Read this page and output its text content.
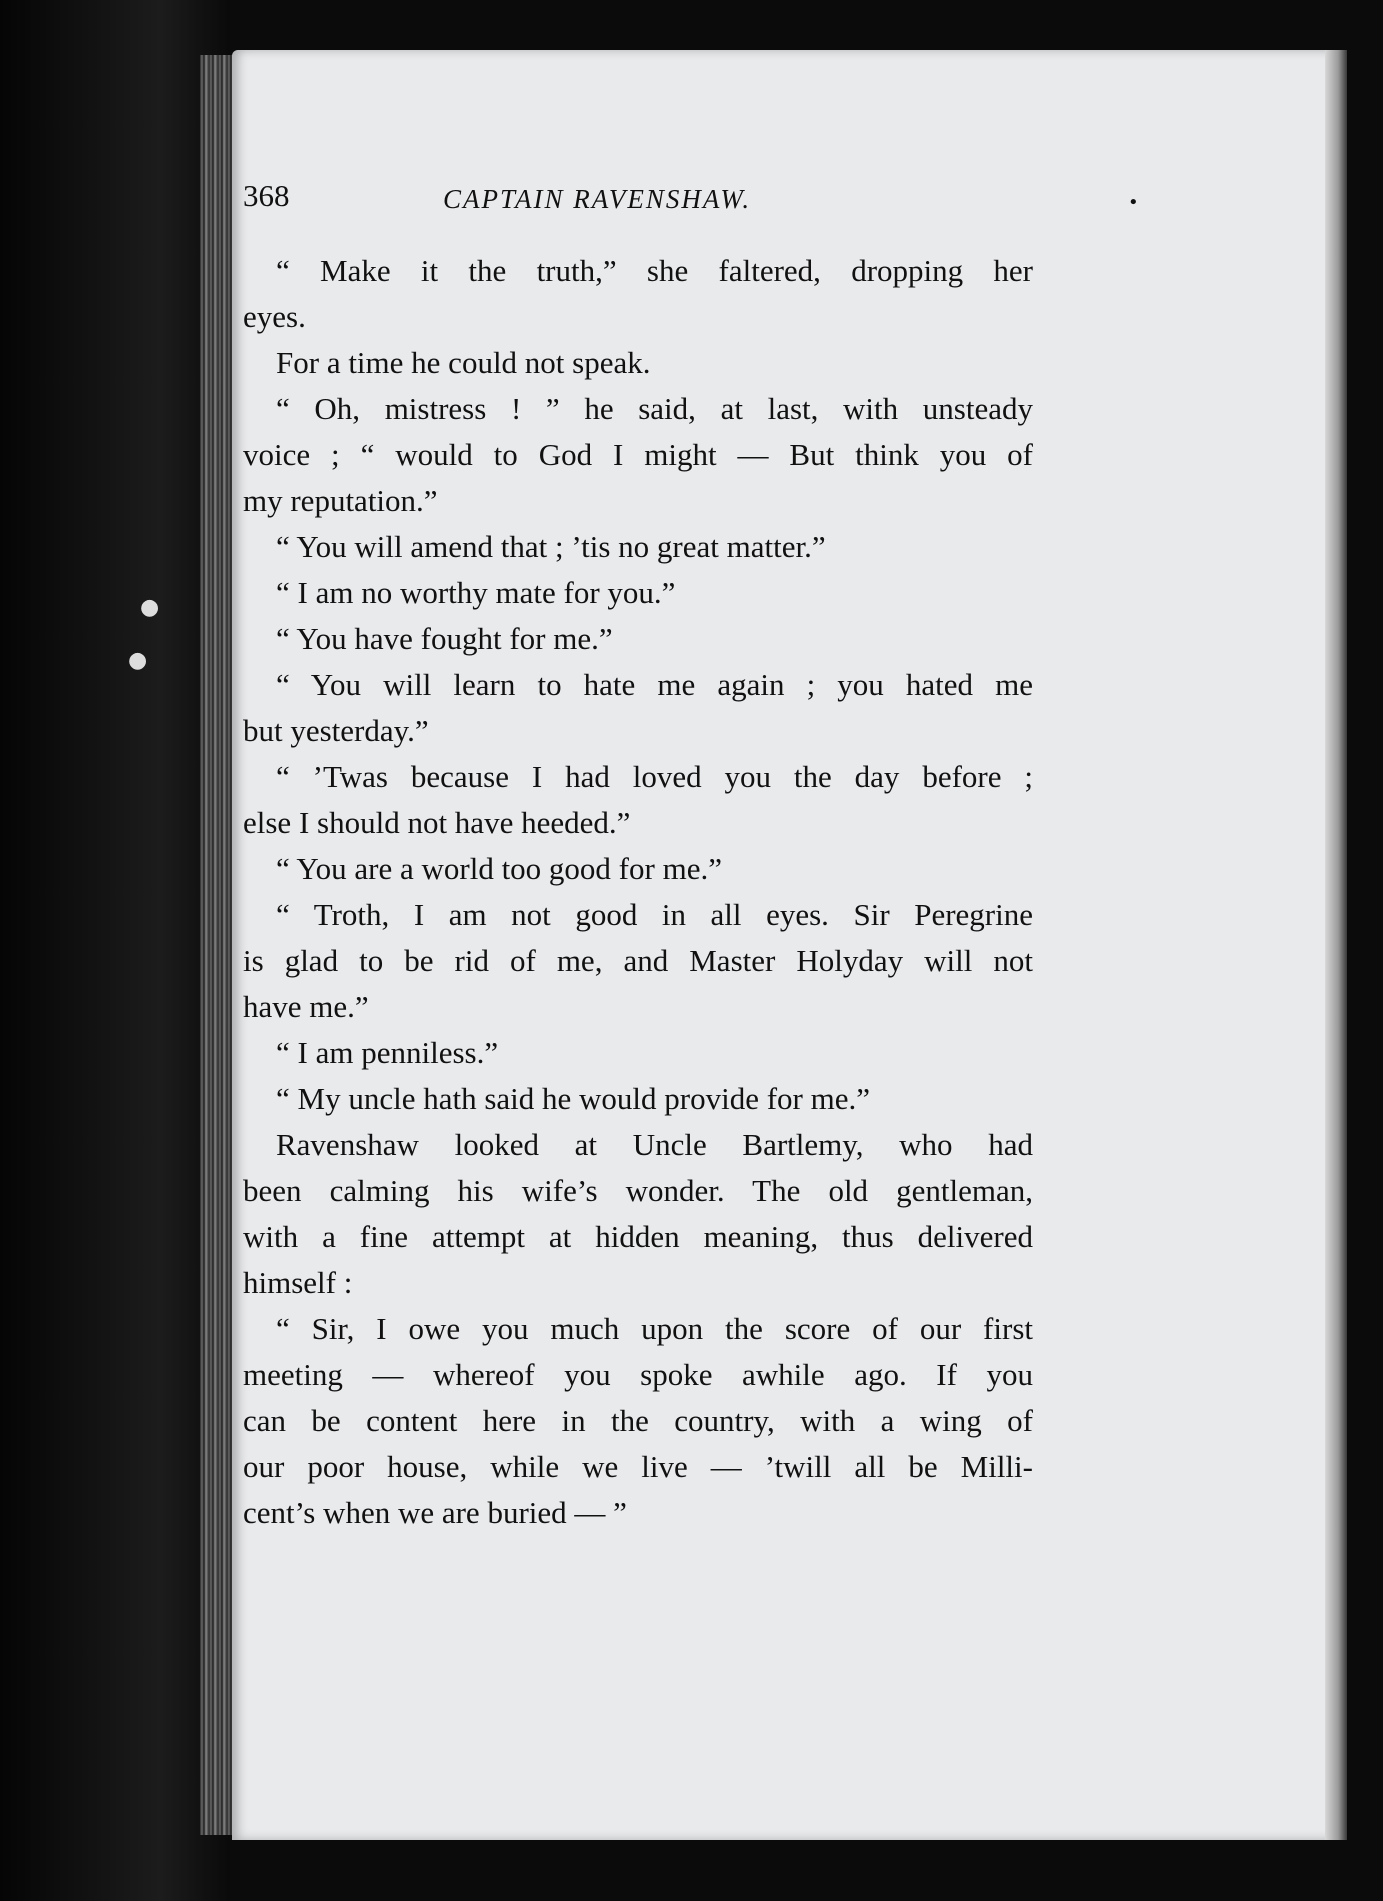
●
●
368	CAPTAIN RAVENSHAW.	•
“ Make it the truth,” she faltered, dropping her
eyes.
For a time he could not speak.
“ Oh, mistress ! ” he said, at last, with unsteady
voice ; “ would to God I might — But think you of
my reputation.”
“ You will amend that ; ’tis no great matter.”
“ I am no worthy mate for you.”
“ You have fought for me.”
“ You will learn to hate me again ; you hated me
but yesterday.”
“ ’Twas because I had loved you the day before ;
else I should not have heeded.”
“ You are a world too good for me.”
“ Troth, I am not good in all eyes. Sir Peregrine
is glad to be rid of me, and Master Holyday will not
have me.”
“ I am penniless.”
“ My uncle hath said he would provide for me.”
Ravenshaw looked at Uncle Bartlemy, who had
been calming his wife’s wonder. The old gentleman,
with a fine attempt at hidden meaning, thus delivered
himself :
“ Sir, I owe you much upon the score of our first
meeting — whereof you spoke awhile ago. If you
can be content here in the country, with a wing of
our poor house, while we live — ’twill all be Milli-
cent’s when we are buried — ”
